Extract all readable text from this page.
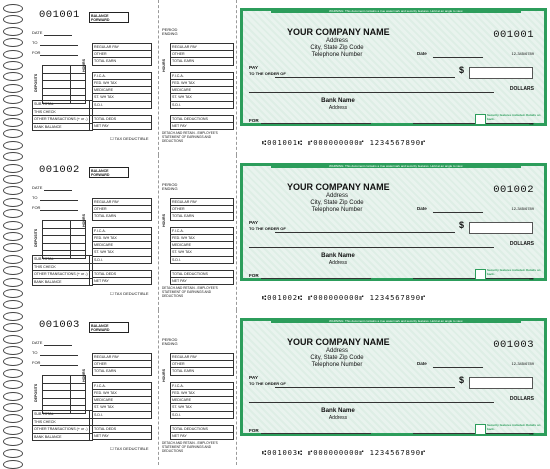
001001	BALANCE FORWARD
DATE
TO
FOR
DEPOSITS

SUB TOTAL	
THIS CHECK	
OTHER TRANSACTIONS (+ or -)	
BANK BALANCE	
HOURS
REGULAR PAY
OTHER
TOTAL EARN

F.I.C.A.
FED. WH TAX
MEDICARE
ST. WH TAX
S.D.I.

TOTAL DEDS
NET PAY
☐ TAX DEDUCTIBLE
PERIOD
ENDING
HOURS
REGULAR PAY
OTHER
TOTAL EARN

F.I.C.A.
FED. WH TAX
MEDICARE
ST. WH TAX
S.D.I.

TOTAL DEDUCTIONS
NET PAY
DETACH AND RETAIN - EMPLOYEE'S STATEMENT OF EARNINGS AND DEDUCTIONS
WARNING: This document contains a true watermark and security features. Hold at an angle to view.
YOUR COMPANY NAME
Address
City, State Zip Code
Telephone Number
001001
12-345/6789
Date
PAY
TO THE ORDER OF	$
DOLLARS
Bank Name
Address
FOR
MP
Security features included. Details on back.
⑆001001⑆ ⑈000000000⑈ 1234567890⑈
001002	BALANCE FORWARD
DATE
TO
FOR
DEPOSITS

SUB TOTAL	
THIS CHECK	
OTHER TRANSACTIONS (+ or -)	
BANK BALANCE	
HOURS
REGULAR PAY
OTHER
TOTAL EARN

F.I.C.A.
FED. WH TAX
MEDICARE
ST. WH TAX
S.D.I.

TOTAL DEDS
NET PAY
☐ TAX DEDUCTIBLE
PERIOD
ENDING
HOURS
REGULAR PAY
OTHER
TOTAL EARN

F.I.C.A.
FED. WH TAX
MEDICARE
ST. WH TAX
S.D.I.

TOTAL DEDUCTIONS
NET PAY
DETACH AND RETAIN - EMPLOYEE'S STATEMENT OF EARNINGS AND DEDUCTIONS
WARNING: This document contains a true watermark and security features. Hold at an angle to view.
YOUR COMPANY NAME
Address
City, State Zip Code
Telephone Number
001002
12-345/6789
Date
PAY
TO THE ORDER OF	$
DOLLARS
Bank Name
Address
FOR
MP
Security features included. Details on back.
⑆001002⑆ ⑈000000000⑈ 1234567890⑈
001003	BALANCE FORWARD
DATE
TO
FOR
DEPOSITS

SUB TOTAL	
THIS CHECK	
OTHER TRANSACTIONS (+ or -)	
BANK BALANCE	
HOURS
REGULAR PAY
OTHER
TOTAL EARN

F.I.C.A.
FED. WH TAX
MEDICARE
ST. WH TAX
S.D.I.

TOTAL DEDS
NET PAY
☐ TAX DEDUCTIBLE
PERIOD
ENDING
HOURS
REGULAR PAY
OTHER
TOTAL EARN

F.I.C.A.
FED. WH TAX
MEDICARE
ST. WH TAX
S.D.I.

TOTAL DEDUCTIONS
NET PAY
DETACH AND RETAIN - EMPLOYEE'S STATEMENT OF EARNINGS AND DEDUCTIONS
WARNING: This document contains a true watermark and security features. Hold at an angle to view.
YOUR COMPANY NAME
Address
City, State Zip Code
Telephone Number
001003
12-345/6789
Date
PAY
TO THE ORDER OF	$
DOLLARS
Bank Name
Address
FOR
MP
Security features included. Details on back.
⑆001003⑆ ⑈000000000⑈ 1234567890⑈
